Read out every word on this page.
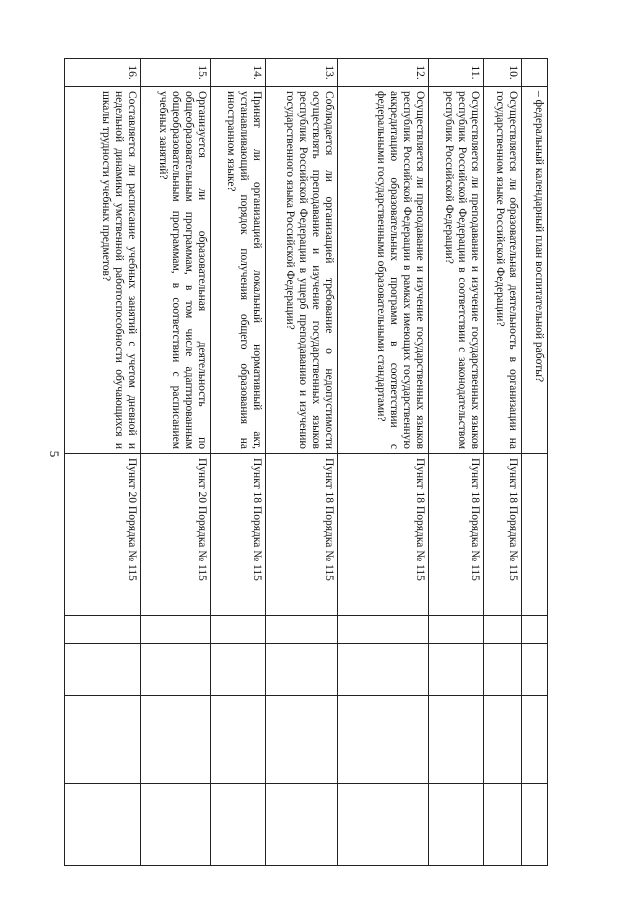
5
	– федеральный календарный план воспитательной работы?					
10.	Осуществляется ли образовательная деятельность в организации на государственном языке Российской Федерации?	Пункт 18 Порядка № 115				
11.	Осуществляется ли преподавание и изучение государственных языков республик Российской Федерации в соответствии с законодательством республик Российской Федерации?	Пункт 18 Порядка № 115				
12.	Осуществляется ли преподавание и изучение государственных языков республик Российской Федерации в рамках имеющих государственную аккредитацию образовательных программ в соответствии с федеральными государственными образовательными стандартами?	Пункт 18 Порядка № 115				
13.	Соблюдается ли организацией требование о недопустимости осуществлять преподавание и изучение государственных языков республик Российской Федерации в ущерб преподаванию и изучению государственного языка Российской Федерации?	Пункт 18 Порядка № 115				
14.	Принят ли организацией локальный нормативный акт, устанавливающий порядок получения общего образования на иностранном языке?	Пункт 18 Порядка № 115				
15.	Организуется ли образовательная деятельность по общеобразовательным программам, в том числе адаптированным общеобразовательным программам, в соответствии с расписанием учебных занятий?	Пункт 20 Порядка № 115				
16.	Составляется ли расписание учебных занятий с учетом дневной и недельной динамики умственной работоспособности обучающихся и шкалы трудности учебных предметов?	Пункт 20 Порядка № 115				
